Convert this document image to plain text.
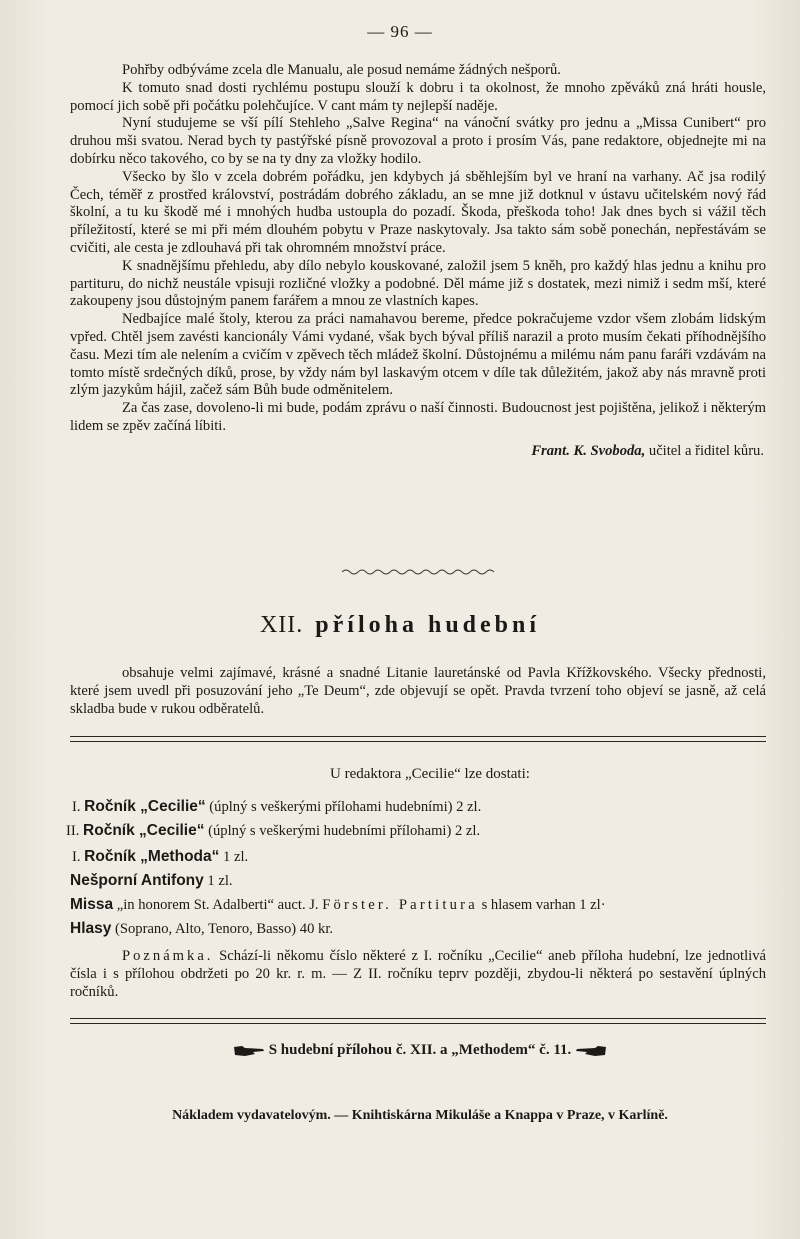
— 96 —

Pohřby odbýváme zcela dle Manualu, ale posud nemáme žádných nešporů.

K tomuto snad dosti rychlému postupu slouží k dobru i ta okolnost, že mnoho zpěváků zná hráti housle, pomocí jich sobě při počátku polehčujíce. V cant mám ty nejlepší naděje.

Nyní studujeme se vší pílí Stehleho „Salve Regina“ na vánoční svátky pro jednu a „Missa Cunibert“ pro druhou mši svatou. Nerad bych ty pastýřské písně provozoval a proto i prosím Vás, pane redaktore, objednejte mi na dobírku něco takového, co by se na ty dny za vložky hodilo.

Všecko by šlo v zcela dobrém pořádku, jen kdybych já sběhlejším byl ve hraní na varhany. Ač jsa rodilý Čech, téměř z prostřed království, postrádám dobrého základu, an se mne již dotknul v ústavu učitelském nový řád školní, a tu ku škodě mé i mnohých hudba ustoupla do pozadí. Škoda, přeškoda toho! Jak dnes bych si vážil těch příležitostí, které se mi při mém dlouhém pobytu v Praze naskytovaly. Jsa takto sám sobě ponechán, nepřestávám se cvičiti, ale cesta je zdlouhavá při tak ohromném množství práce.

K snadnějšímu přehledu, aby dílo nebylo kouskované, založil jsem 5 kněh, pro každý hlas jednu a knihu pro partituru, do nichž neustále vpisuji rozličné vložky a podobné. Děl máme již s dostatek, mezi nimiž i sedm mší, které zakoupeny jsou důstojným panem farářem a mnou ze vlastních kapes.

Nedbajíce malé štoly, kterou za práci namahavou bereme, předce pokračujeme vzdor všem zlobám lidským vpřed. Chtěl jsem zavésti kancionály Vámi vydané, však bych býval příliš narazil a proto musím čekati příhodnějšího času. Mezi tím ale nelením a cvičím v zpěvech těch mládež školní. Důstojnému a milému nám panu faráři vzdávám na tomto místě srdečných díků, prose, by vždy nám byl laskavým otcem v díle tak důležitém, jakož aby nás mravně proti zlým jazykům hájil, začež sám Bůh bude odměnitelem.

Za čas zase, dovoleno-li mi bude, podám zprávu o naší činnosti. Budoucnost jest pojištěna, jelikož i některým lidem se zpěv začíná líbiti.

Frant. K. Svoboda, učitel a řiditel kůru.
XII. příloha hudební
obsahuje velmi zajímavé, krásné a snadné Litanie lauretánské od Pavla Křížkovského. Všecky přednosti, které jsem uvedl při posuzování jeho „Te Deum“, zde objevují se opět. Pravda tvrzení toho objeví se jasně, až celá skladba bude v rukou odběratelů.
U redaktora „Cecilie“ lze dostati:
I. Ročník „Cecilie“ (úplný s veškerými přílohami hudebními) 2 zl.
II. Ročník „Cecilie“ (úplný s veškerými hudebními přílohami) 2 zl.
I. Ročník „Methoda“ 1 zl.
Nešporní Antifony 1 zl.
Missa „in honorem St. Adalberti“ auct. J. Förster. Partitura s hlasem varhan 1 zl·
Hlasy (Soprano, Alto, Tenoro, Basso) 40 kr.
Poznámka. Schází-li někomu číslo některé z I. ročníku „Cecilie“ aneb příloha hudební, lze jednotlivá čísla i s přílohou obdržeti po 20 kr. r. m. — Z II. ročníku teprv později, zbydou-li některá po sestavění úplných ročníků.
S hudební přílohou č. XII. a „Methodem“ č. 11.
Nákladem vydavatelovým. — Knihtiskárna Mikuláše a Knappa v Praze, v Karlíně.
